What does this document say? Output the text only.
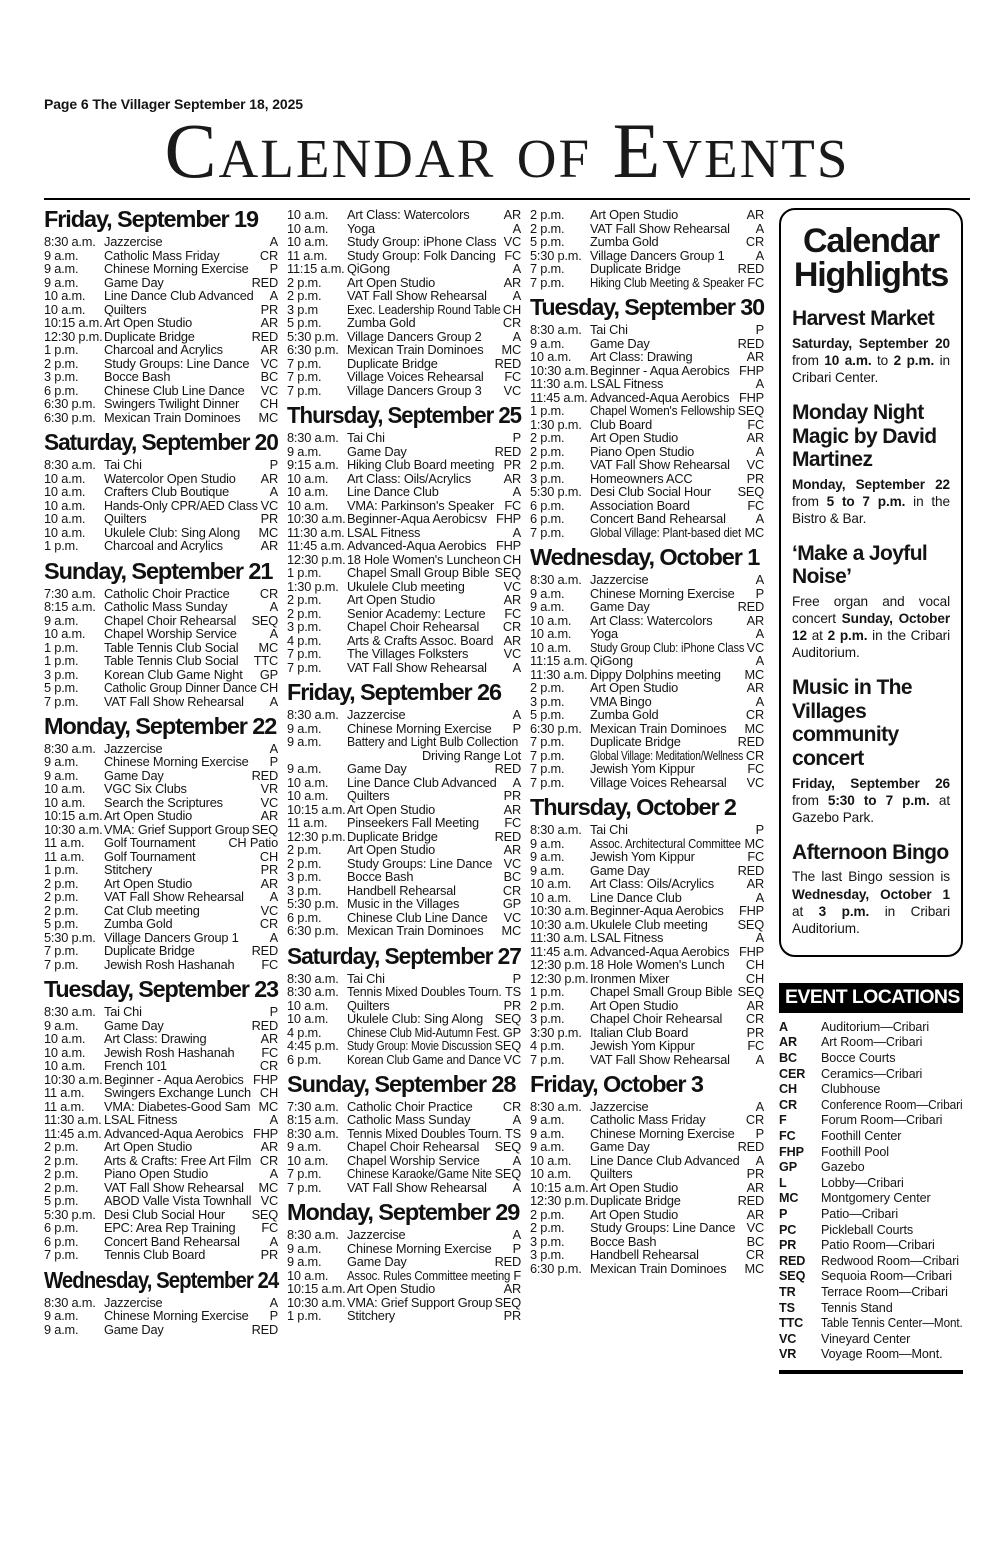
Page 6 The Villager September 18, 2025
Calendar of Events
Friday, September 19
8:30 a.m. Jazzercise	A
9 a.m.	Catholic Mass Friday	CR
9 a.m.	Chinese Morning Exercise	P
9 a.m.	Game Day	RED
10 a.m.	Line Dance Club Advanced	A
10 a.m.	Quilters	PR
10:15 a.m. Art Open Studio	AR
12:30 p.m. Duplicate Bridge	RED
1 p.m.	Charcoal and Acrylics	AR
2 p.m.	Study Groups: Line Dance VC
3 p.m.	Bocce Bash	BC
6 p.m.	Chinese Club Line Dance	VC
6:30 p.m. Swingers Twilight Dinner	CH
6:30 p.m. Mexican Train Dominoes	MC
Saturday, September 20
8:30 a.m. Tai Chi	P
10 a.m.	Watercolor Open Studio	AR
10 a.m.	Crafters Club Boutique	A
10 a.m.	Hands-Only CPR/AED Class VC
10 a.m.	Quilters	PR
10 a.m.	Ukulele Club: Sing Along	MC
1 p.m.	Charcoal and Acrylics	AR
Sunday, September 21
7:30 a.m. Catholic Choir Practice	CR
8:15 a.m. Catholic Mass Sunday	A
9 a.m.	Chapel Choir Rehearsal	SEQ
10 a.m.	Chapel Worship Service	A
1 p.m.	Table Tennis Club Social	MC
1 p.m.	Table Tennis Club Social	TTC
3 p.m.	Korean Club Game Night	GP
5 p.m.	Catholic Group Dinner Dance CH
7 p.m.	VAT Fall Show Rehearsal	A
Monday, September 22
8:30 a.m. Jazzercise	A
9 a.m.	Chinese Morning Exercise	P
9 a.m.	Game Day	RED
10 a.m.	VGC Six Clubs	VR
10 a.m.	Search the Scriptures	VC
10:15 a.m. Art Open Studio	AR
10:30 a.m. VMA: Grief Support Group SEQ
11 a.m.	Golf Tournament	CH Patio
11 a.m.	Golf Tournament	CH
1 p.m.	Stitchery	PR
2 p.m.	Art Open Studio	AR
2 p.m.	VAT Fall Show Rehearsal	A
2 p.m.	Cat Club meeting	VC
5 p.m.	Zumba Gold	CR
5:30 p.m. Village Dancers Group 1	A
7 p.m.	Duplicate Bridge	RED
7 p.m.	Jewish Rosh Hashanah	FC
Tuesday, September 23
8:30 a.m. Tai Chi	P
9 a.m.	Game Day	RED
10 a.m.	Art Class: Drawing	AR
10 a.m.	Jewish Rosh Hashanah	FC
10 a.m.	French 101	CR
10:30 a.m. Beginner - Aqua Aerobics FHP
11 a.m.	Swingers Exchange Lunch CH
11 a.m.	VMA: Diabetes-Good Sam MC
11:30 a.m. LSAL Fitness	A
11:45 a.m. Advanced-Aqua Aerobics FHP
2 p.m.	Art Open Studio	AR
2 p.m.	Arts & Crafts: Free Art Film CR
2 p.m.	Piano Open Studio	A
2 p.m.	VAT Fall Show Rehearsal	MC
5 p.m.	ABOD Valle Vista Townhall VC
5:30 p.m. Desi Club Social Hour	SEQ
6 p.m.	EPC: Area Rep Training	FC
6 p.m.	Concert Band Rehearsal	A
7 p.m.	Tennis Club Board	PR
Wednesday, September 24
8:30 a.m. Jazzercise	A
9 a.m.	Chinese Morning Exercise	P
9 a.m.	Game Day	RED
10 a.m.	Art Class: Watercolors	AR
10 a.m.	Yoga	A
10 a.m.	Study Group: iPhone Class VC
11 a.m.	Study Group: Folk Dancing FC
11:15 a.m. QiGong	A
2 p.m.	Art Open Studio	AR
2 p.m.	VAT Fall Show Rehearsal	A
3 p.m	Exec. Leadership Round Table CH
5 p.m.	Zumba Gold	CR
5:30 p.m. Village Dancers Group 2	A
6:30 p.m. Mexican Train Dominoes	MC
7 p.m.	Duplicate Bridge	RED
7 p.m.	Village Voices Rehearsal	FC
7 p.m.	Village Dancers Group 3	VC
Thursday, September 25
8:30 a.m. Tai Chi	P
9 a.m.	Game Day	RED
9:15 a.m. Hiking Club Board meeting PR
10 a.m.	Art Class: Oils/Acrylics	AR
10 a.m.	Line Dance Club	A
10 a.m.	VMA: Parkinson's Speaker FC
10:30 a.m. Beginner-Aqua Aerobicsv FHP
11:30 a.m. LSAL Fitness	A
11:45 a.m. Advanced-Aqua Aerobics FHP
12:30 p.m. 18 Hole Women's Luncheon CH
1 p.m.	Chapel Small Group Bible SEQ
1:30 p.m. Ukulele Club meeting	VC
2 p.m.	Art Open Studio	AR
2 p.m.	Senior Academy: Lecture	FC
3 p.m.	Chapel Choir Rehearsal	CR
4 p.m.	Arts & Crafts Assoc. Board AR
7 p.m.	The Villages Folksters	VC
7 p.m.	VAT Fall Show Rehearsal	A
Friday, September 26
8:30 a.m. Jazzercise	A
9 a.m.	Chinese Morning Exercise	P
9 a.m.	Battery and Light Bulb Collection
Driving Range Lot
9 a.m.	Game Day	RED
10 a.m.	Line Dance Club Advanced	A
10 a.m.	Quilters	PR
10:15 a.m. Art Open Studio	AR
11 a.m.	Pinseekers Fall Meeting	FC
12:30 p.m. Duplicate Bridge	RED
2 p.m.	Art Open Studio	AR
2 p.m.	Study Groups: Line Dance VC
3 p.m.	Bocce Bash	BC
3 p.m.	Handbell Rehearsal	CR
5:30 p.m. Music in the Villages	GP
6 p.m.	Chinese Club Line Dance	VC
6:30 p.m. Mexican Train Dominoes	MC
Saturday, September 27
8:30 a.m. Tai Chi	P
8:30 a.m. Tennis Mixed Doubles Tourn. TS
10 a.m.	Quilters	PR
10 a.m.	Ukulele Club: Sing Along SEQ
4 p.m.	Chinese Club Mid-Autumn Fest. GP
4:45 p.m. Study Group: Movie Discussion SEQ
6 p.m.	Korean Club Game and Dance VC
Sunday, September 28
7:30 a.m. Catholic Choir Practice	CR
8:15 a.m. Catholic Mass Sunday	A
8:30 a.m. Tennis Mixed Doubles Tourn. TS
9 a.m.	Chapel Choir Rehearsal	SEQ
10 a.m.	Chapel Worship Service	A
7 p.m.	Chinese Karaoke/Game Nite SEQ
7 p.m.	VAT Fall Show Rehearsal	A
Monday, September 29
8:30 a.m. Jazzercise	A
9 a.m.	Chinese Morning Exercise	P
9 a.m.	Game Day	RED
10 a.m.	Assoc. Rules Committee meeting F
10:15 a.m. Art Open Studio	AR
10:30 a.m. VMA: Grief Support Group SEQ
1 p.m.	Stitchery	PR
2 p.m.	Art Open Studio	AR
2 p.m.	VAT Fall Show Rehearsal	A
5 p.m.	Zumba Gold	CR
5:30 p.m. Village Dancers Group 1	A
7 p.m.	Duplicate Bridge	RED
7 p.m.	Hiking Club Meeting & Speaker FC
Tuesday, September 30
8:30 a.m. Tai Chi	P
9 a.m.	Game Day	RED
10 a.m.	Art Class: Drawing	AR
10:30 a.m. Beginner - Aqua Aerobics FHP
11:30 a.m. LSAL Fitness	A
11:45 a.m. Advanced-Aqua Aerobics FHP
1 p.m.	Chapel Women's Fellowship SEQ
1:30 p.m. Club Board	FC
2 p.m.	Art Open Studio	AR
2 p.m.	Piano Open Studio	A
2 p.m.	VAT Fall Show Rehearsal	VC
3 p.m.	Homeowners ACC	PR
5:30 p.m. Desi Club Social Hour	SEQ
6 p.m.	Association Board	FC
6 p.m.	Concert Band Rehearsal	A
7 p.m.	Global Village: Plant-based diet MC
Wednesday, October 1
8:30 a.m. Jazzercise	A
9 a.m.	Chinese Morning Exercise	P
9 a.m.	Game Day	RED
10 a.m.	Art Class: Watercolors	AR
10 a.m.	Yoga	A
10 a.m.	Study Group Club: iPhone Class VC
11:15 a.m. QiGong	A
11:30 a.m. Dippy Dolphins meeting	MC
2 p.m.	Art Open Studio	AR
3 p.m.	VMA Bingo	A
5 p.m.	Zumba Gold	CR
6:30 p.m. Mexican Train Dominoes	MC
7 p.m.	Duplicate Bridge	RED
7 p.m.	Global Village: Meditation/Wellness CR
7 p.m.	Jewish Yom Kippur	FC
7 p.m.	Village Voices Rehearsal	VC
Thursday, October 2
8:30 a.m. Tai Chi	P
9 a.m.	Assoc. Architectural Committee MC
9 a.m.	Jewish Yom Kippur	FC
9 a.m.	Game Day	RED
10 a.m.	Art Class: Oils/Acrylics	AR
10 a.m.	Line Dance Club	A
10:30 a.m. Beginner-Aqua Aerobics	FHP
10:30 a.m. Ukulele Club meeting	SEQ
11:30 a.m. LSAL Fitness	A
11:45 a.m. Advanced-Aqua Aerobics FHP
12:30 p.m. 18 Hole Women's Lunch	CH
12:30 p.m. Ironmen Mixer	CH
1 p.m.	Chapel Small Group Bible SEQ
2 p.m.	Art Open Studio	AR
3 p.m.	Chapel Choir Rehearsal	CR
3:30 p.m. Italian Club Board	PR
4 p.m.	Jewish Yom Kippur	FC
7 p.m.	VAT Fall Show Rehearsal	A
Friday, October 3
8:30 a.m. Jazzercise	A
9 a.m.	Catholic Mass Friday	CR
9 a.m.	Chinese Morning Exercise	P
9 a.m.	Game Day	RED
10 a.m.	Line Dance Club Advanced	A
10 a.m.	Quilters	PR
10:15 a.m. Art Open Studio	AR
12:30 p.m. Duplicate Bridge	RED
2 p.m.	Art Open Studio	AR
2 p.m.	Study Groups: Line Dance VC
3 p.m.	Bocce Bash	BC
3 p.m.	Handbell Rehearsal	CR
6:30 p.m. Mexican Train Dominoes	MC
Calendar Highlights
Harvest Market
Saturday, September 20 from 10 a.m. to 2 p.m. in Cribari Center.
Monday Night Magic by David Martinez
Monday, September 22 from 5 to 7 p.m. in the Bistro & Bar.
‘Make a Joyful Noise’
Free organ and vocal concert Sunday, October 12 at 2 p.m. in the Cribari Auditorium.
Music in The Villages community concert
Friday, September 26 from 5:30 to 7 p.m. at Gazebo Park.
Afternoon Bingo
The last Bingo session is Wednesday, October 1 at 3 p.m. in Cribari Auditorium.
EVENT LOCATIONS
A	Auditorium—Cribari
AR	Art Room—Cribari
BC	Bocce Courts
CER	Ceramics—Cribari
CH	Clubhouse
CR	Conference Room—Cribari
F	Forum Room—Cribari
FC	Foothill Center
FHP	Foothill Pool
GP	Gazebo
L	Lobby—Cribari
MC	Montgomery Center
P	Patio—Cribari
PC	Pickleball Courts
PR	Patio Room—Cribari
RED	Redwood Room—Cribari
SEQ	Sequoia Room—Cribari
TR	Terrace Room—Cribari
TS	Tennis Stand
TTC	Table Tennis Center—Mont.
VC	Vineyard Center
VR	Voyage Room—Mont.
